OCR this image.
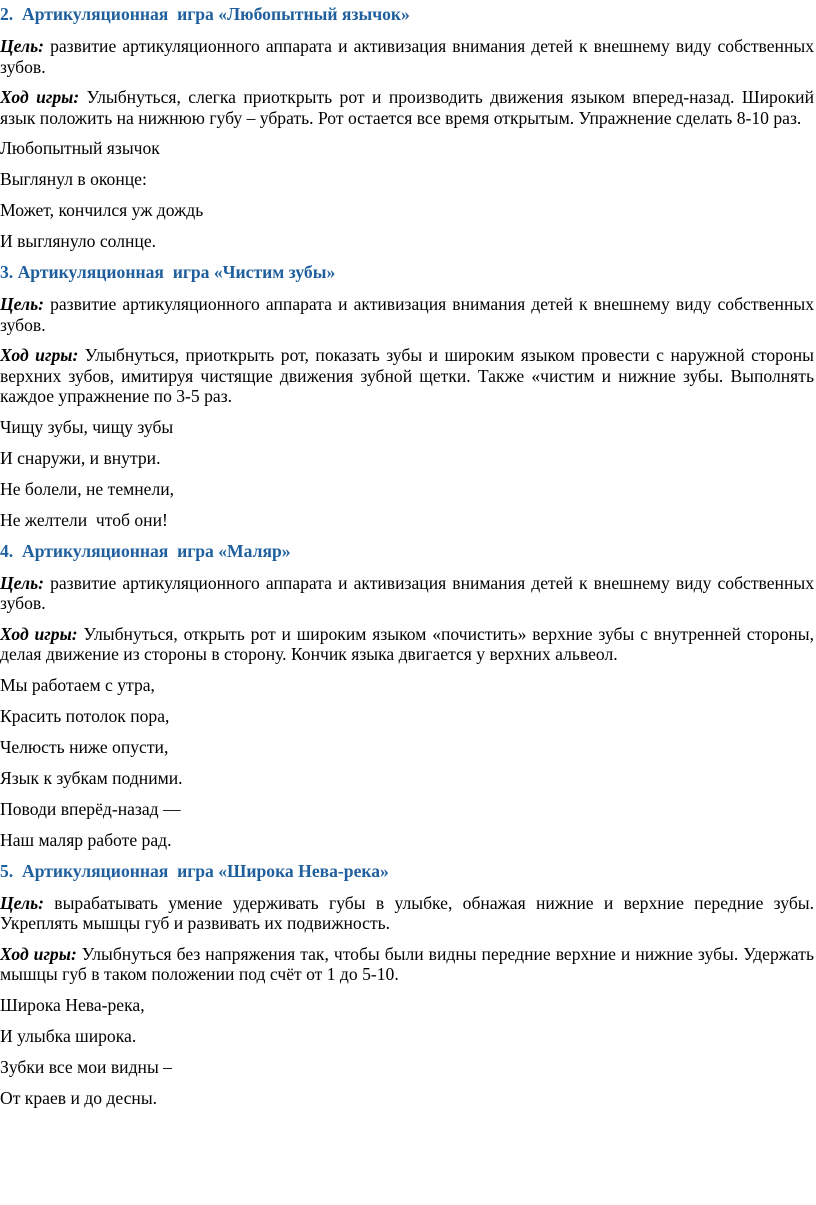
2.  Артикуляционная  игра «Любопытный язычок»
Цель: развитие артикуляционного аппарата и активизация внимания детей к внешнему виду собственных зубов.
Ход игры: Улыбнуться, слегка приоткрыть рот и производить движения языком вперед-назад. Широкий язык положить на нижнюю губу – убрать. Рот остается все время открытым. Упражнение сделать 8-10 раз.
Любопытный язычок
Выглянул в оконце:
Может, кончился уж дождь
И выглянуло солнце.
3. Артикуляционная  игра «Чистим зубы»
Цель: развитие артикуляционного аппарата и активизация внимания детей к внешнему виду собственных зубов.
Ход игры: Улыбнуться, приоткрыть рот, показать зубы и широким языком провести с наружной стороны верхних зубов, имитируя чистящие движения зубной щетки. Также «чистим и нижние зубы. Выполнять каждое упражнение по 3-5 раз.
Чищу зубы, чищу зубы
И снаружи, и внутри.
Не болели, не темнели,
Не желтели  чтоб они!
4.  Артикуляционная  игра «Маляр»
Цель: развитие артикуляционного аппарата и активизация внимания детей к внешнему виду собственных зубов.
Ход игры: Улыбнуться, открыть рот и широким языком «почистить» верхние зубы с внутренней стороны, делая движение из стороны в сторону. Кончик языка двигается у верхних альвеол.
Мы работаем с утра,
Красить потолок пора,
Челюсть ниже опусти,
Язык к зубкам подними.
Поводи вперёд-назад —
Наш маляр работе рад.
5.  Артикуляционная  игра «Широка Нева-река»
Цель: вырабатывать умение удерживать губы в улыбке, обнажая нижние и верхние передние зубы. Укреплять мышцы губ и развивать их подвижность.
Ход игры: Улыбнуться без напряжения так, чтобы были видны передние верхние и нижние зубы. Удержать мышцы губ в таком положении под счёт от 1 до 5-10.
Широка Нева-река,
И улыбка широка.
Зубки все мои видны –
От краев и до десны.
